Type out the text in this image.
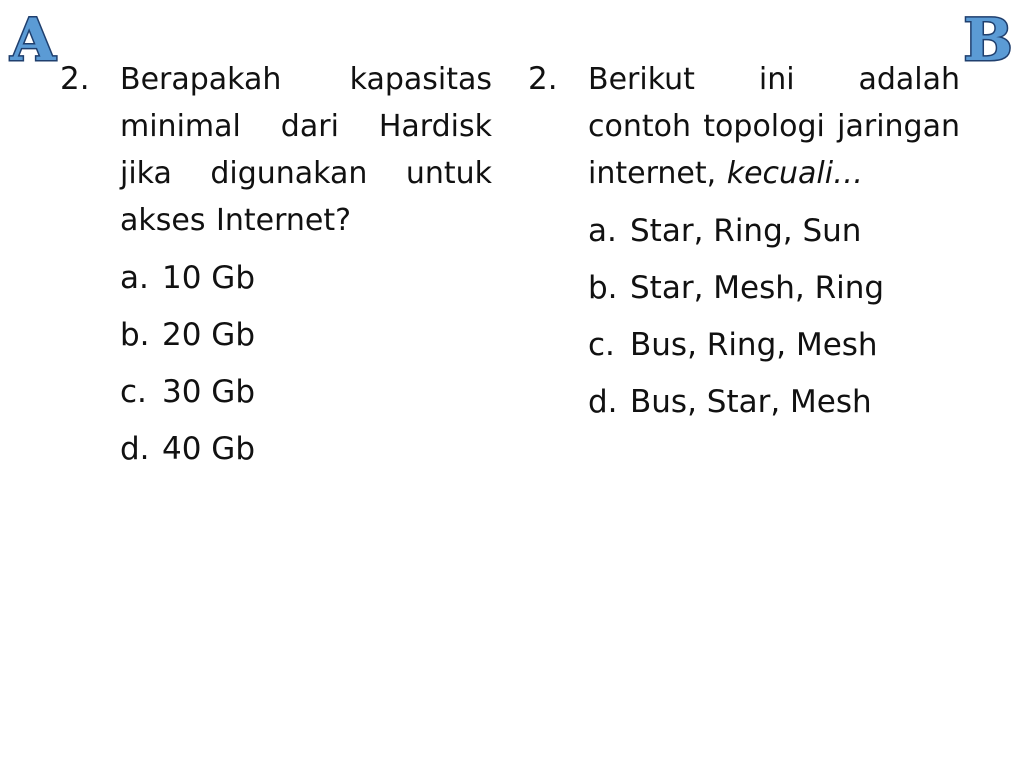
A	B
2.	Berapakah kapasitas minimal dari Hardisk jika digunakan untuk akses Internet?
a. 10 Gb
b. 20 Gb
c. 30 Gb
d. 40 Gb
2.	Berikut ini adalah contoh topologi jaringan internet, kecuali…
a. Star, Ring, Sun
b. Star, Mesh, Ring
c. Bus, Ring, Mesh
d. Bus, Star, Mesh
